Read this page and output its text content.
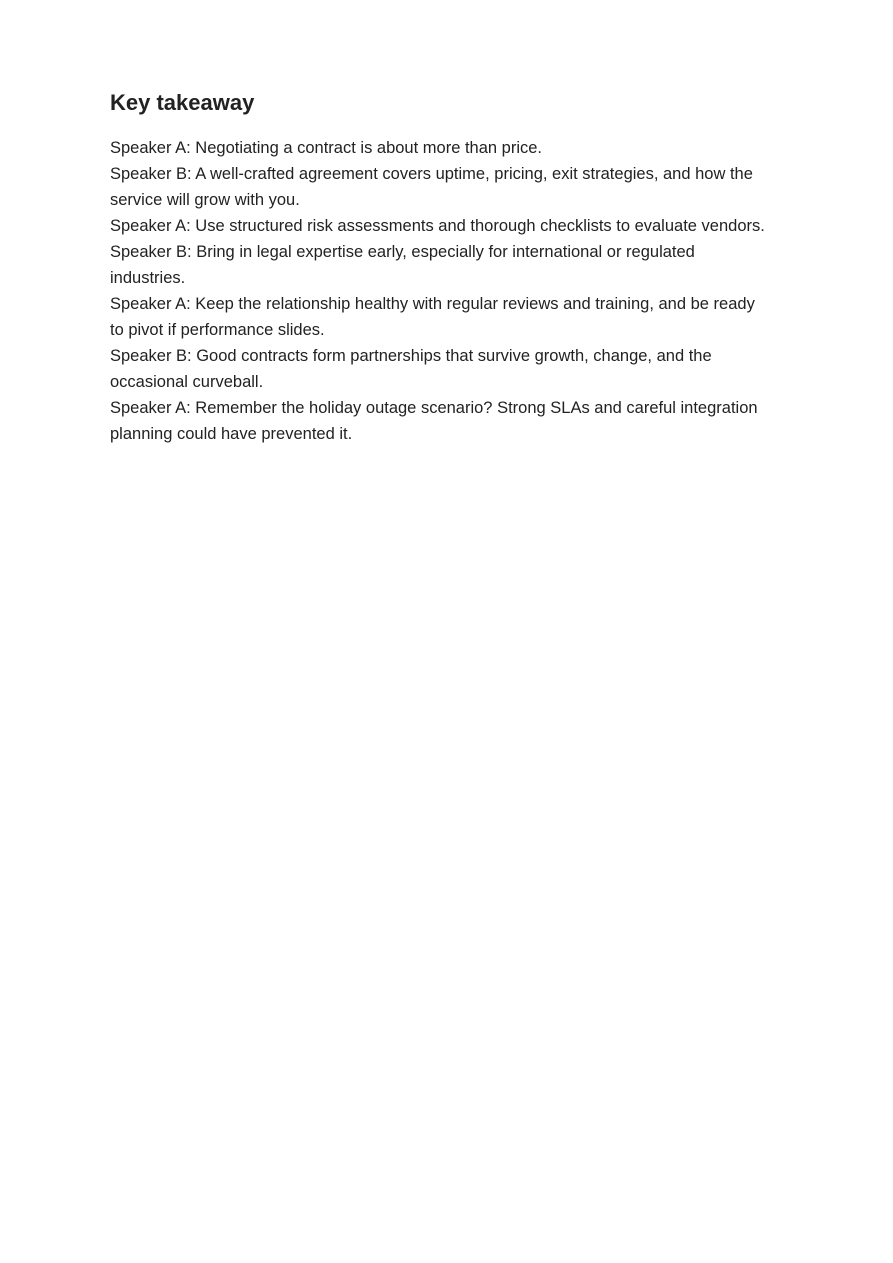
Key takeaway

Speaker A: Negotiating a contract is about more than price.

Speaker B: A well-crafted agreement covers uptime, pricing, exit strategies, and how the service will grow with you.

Speaker A: Use structured risk assessments and thorough checklists to evaluate vendors.

Speaker B: Bring in legal expertise early, especially for international or regulated industries.

Speaker A: Keep the relationship healthy with regular reviews and training, and be ready to pivot if performance slides.

Speaker B: Good contracts form partnerships that survive growth, change, and the occasional curveball.

Speaker A: Remember the holiday outage scenario? Strong SLAs and careful integration planning could have prevented it.
